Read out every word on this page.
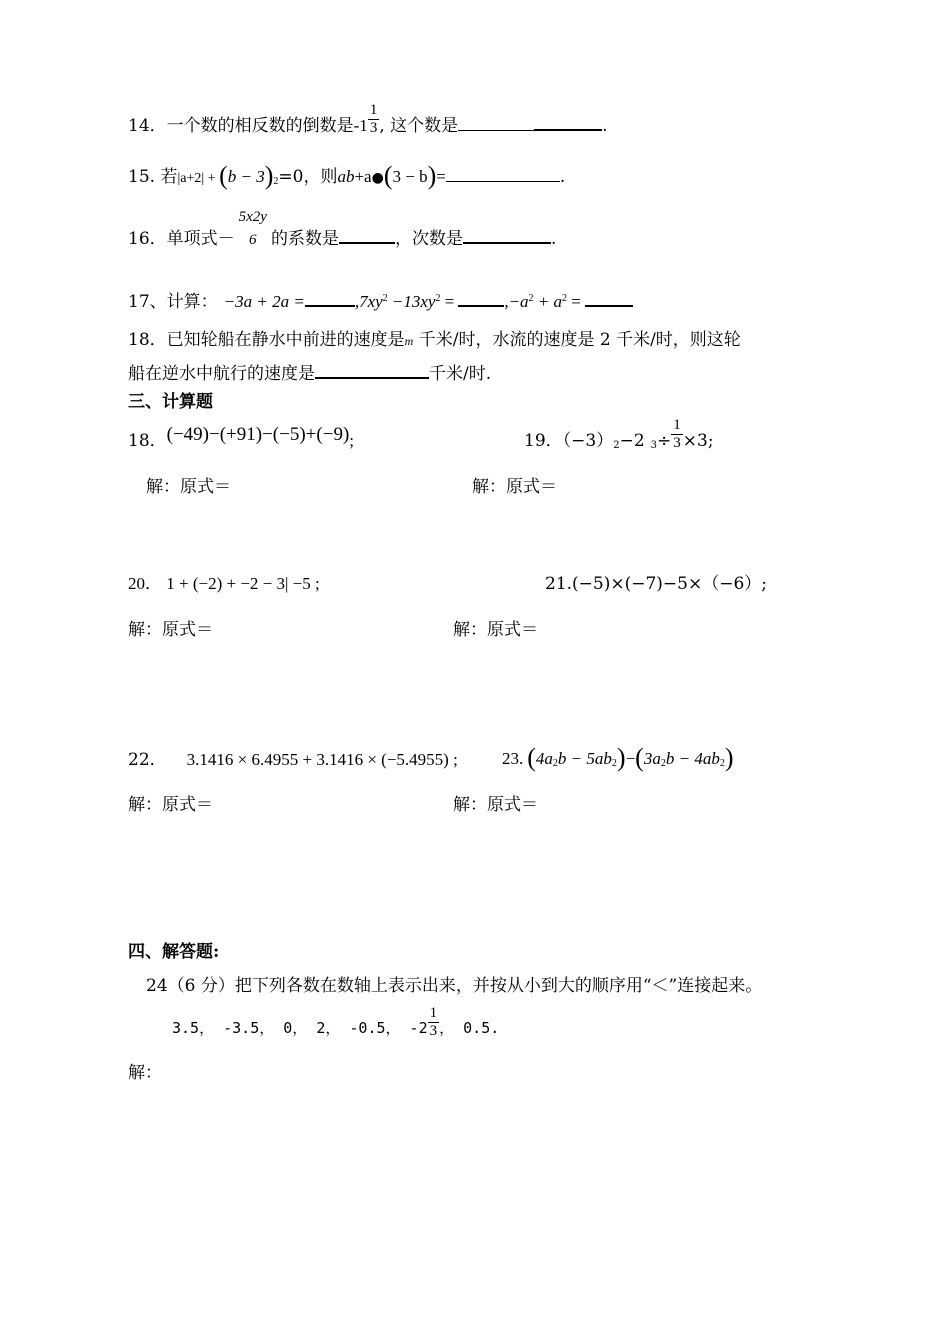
14．一个数的相反数的倒数是$-1 \frac{1}{3}$ , 这个数是	.
15. 若|a+2| + (b − 3)2=0，则ab+a●(3 − b)=	.
16．单项式－
5x2y
6 的系数是	，次数是	.
17、计算： −3a + 2a =	$,7xy^2 -13xy^2$ =	$,-a^2 + a^2$ =
18．已知轮船在静水中前进的速度是m 千米/时，水流的速度是 2 千米/时，则这轮
船在逆水中航行的速度是	千米/时.
三、计算题
18．(−49)−(+91)−(−5)+(−9);	19．（−3）2−2 $3\div \frac{1}{3} \times 3$;
解：原式＝	解：原式＝
20． 1 + (−2) + −2 − 3| −5 ;	21.(−5)×(−7)−5×（−6）;
解：原式＝	解：原式＝
22． 3.1416 × 6.4955 + 3.1416 × (−5.4955) ;	23. (4a2b − 5ab2)−(3a2b − 4ab2)
解：原式＝	解：原式＝
四、解答题:
24（6 分）把下列各数在数轴上表示出来，并按从小到大的顺序用“＜”连接起来。
3.5， -3.5， 0， 2， -0.5， $-2 \frac{1}{3}$ ， 0.5.
解：
